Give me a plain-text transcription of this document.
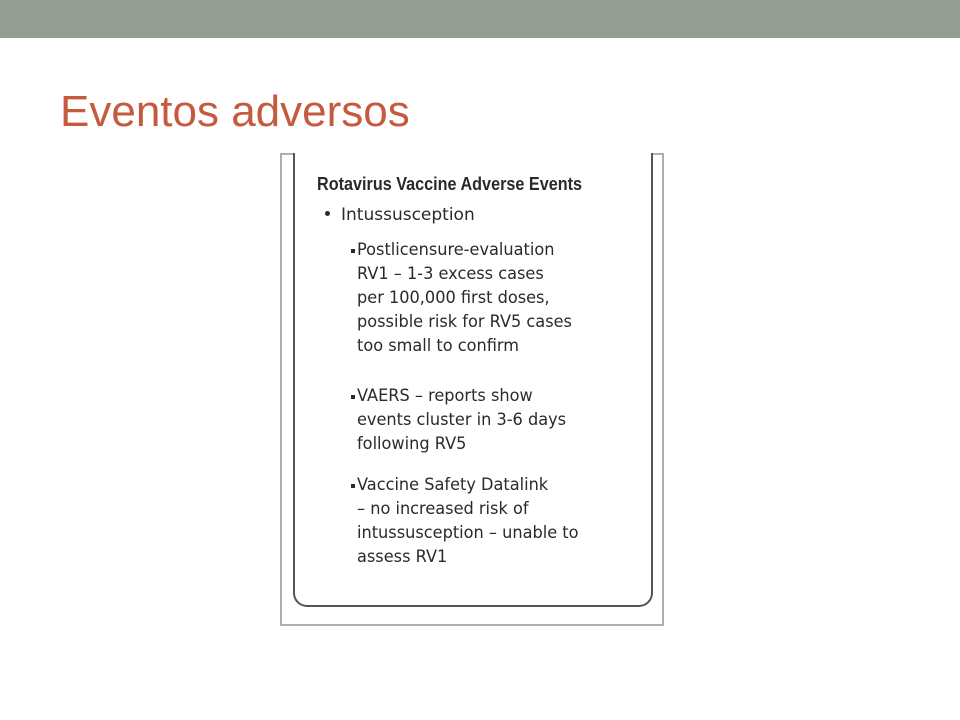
Eventos adversos
Rotavirus Vaccine Adverse Events
Intussusception
Postlicensure-evaluation
RV1 – 1-3 excess cases
per 100,000 first doses,
possible risk for RV5 cases
too small to confirm
VAERS – reports show
events cluster in 3-6 days
following RV5
Vaccine Safety Datalink
– no increased risk of
intussusception – unable to
assess RV1
